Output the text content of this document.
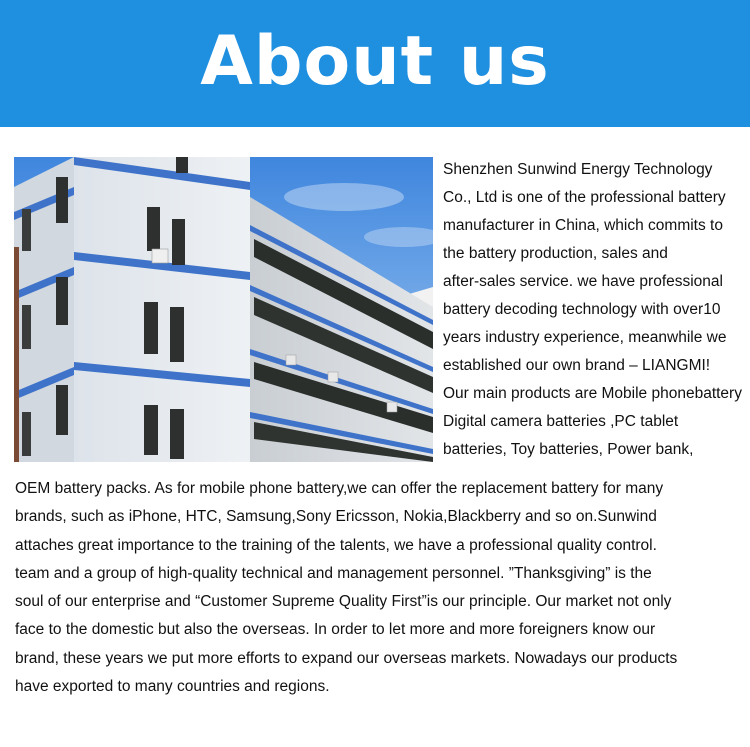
About us
Shenzhen Sunwind Energy Technology
Co., Ltd is one of the professional battery
manufacturer in China, which commits to
the battery production, sales and
after-sales service. we have professional
battery decoding technology with over10
years industry experience, meanwhile we
established our own brand – LIANGMI!
Our main products are Mobile phonebattery
Digital camera batteries ,PC tablet
batteries, Toy batteries, Power bank,
OEM battery packs. As for mobile phone battery,we can offer the replacement battery for many
brands, such as iPhone, HTC, Samsung,Sony Ericsson, Nokia,Blackberry and so on.Sunwind
attaches great importance to the training of the talents, we have a professional quality control.
team and a group of high-quality technical and management personnel. ”Thanksgiving” is the
soul of our enterprise and “Customer Supreme Quality First”is our principle. Our market not only
face to the domestic but also the overseas. In order to let more and more foreigners know our
brand, these years we put more efforts to expand our overseas markets. Nowadays our products
have exported to many countries and regions.
